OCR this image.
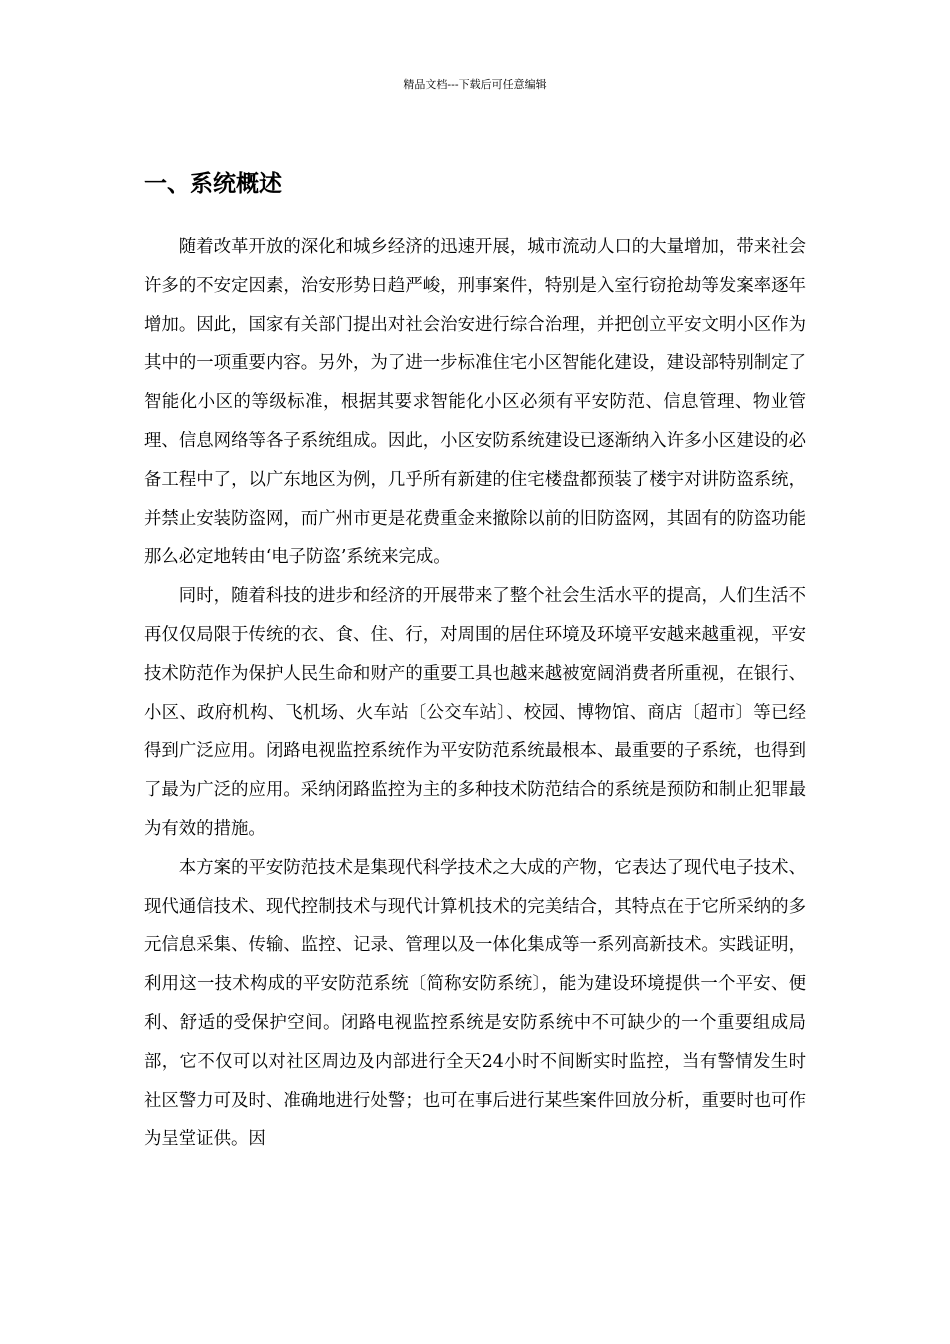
精品文档---下载后可任意编辑
一、系统概述

随着改革开放的深化和城乡经济的迅速开展，城市流动人口的大量增加，带来社会许多的不安定因素，治安形势日趋严峻，刑事案件，特别是入室行窃抢劫等发案率逐年增加。因此，国家有关部门提出对社会治安进行综合治理，并把创立平安文明小区作为其中的一项重要内容。另外，为了进一步标准住宅小区智能化建设，建设部特别制定了智能化小区的等级标准，根据其要求智能化小区必须有平安防范、信息管理、物业管理、信息网络等各子系统组成。因此，小区安防系统建设已逐渐纳入许多小区建设的必备工程中了，以广东地区为例，几乎所有新建的住宅楼盘都预装了楼宇对讲防盗系统，并禁止安装防盗网，而广州市更是花费重金来撤除以前的旧防盗网，其固有的防盗功能那么必定地转由‘电子防盗’系统来完成。

同时，随着科技的进步和经济的开展带来了整个社会生活水平的提高，人们生活不再仅仅局限于传统的衣、食、住、行，对周围的居住环境及环境平安越来越重视，平安技术防范作为保护人民生命和财产的重要工具也越来越被宽阔消费者所重视，在银行、小区、政府机构、飞机场、火车站〔公交车站〕、校园、博物馆、商店〔超市〕等已经得到广泛应用。闭路电视监控系统作为平安防范系统最根本、最重要的子系统，也得到了最为广泛的应用。采纳闭路监控为主的多种技术防范结合的系统是预防和制止犯罪最为有效的措施。

本方案的平安防范技术是集现代科学技术之大成的产物，它表达了现代电子技术、现代通信技术、现代控制技术与现代计算机技术的完美结合，其特点在于它所采纳的多元信息采集、传输、监控、记录、管理以及一体化集成等一系列高新技术。实践证明，利用这一技术构成的平安防范系统〔简称安防系统〕，能为建设环境提供一个平安、便利、舒适的受保护空间。闭路电视监控系统是安防系统中不可缺少的一个重要组成局部，它不仅可以对社区周边及内部进行全天24小时不间断实时监控，当有警情发生时社区警力可及时、准确地进行处警；也可在事后进行某些案件回放分析，重要时也可作为呈堂证供。因
